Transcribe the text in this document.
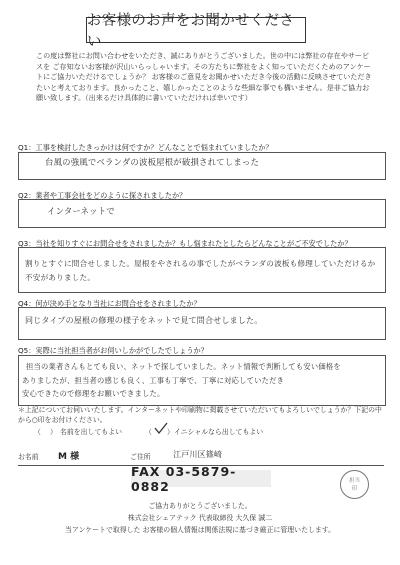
お客様のお声をお聞かせください
この度は弊社にお問い合わせをいただき、誠にありがとうございました。世の中には弊社の存在やサービスを ご存知ないお客様が沢山いらっしゃいます。その方たちに弊社をよく知っていただくためのアンケートにご協力いただけるでしょうか？ お客様のご意見をお聞かせいただき今後の活動に反映させていただきたいと考えております。良かったこと、嬉しかったことのような些細な事でも構いません。是非ご協力お願い致します。（出来るだけ具体的に書いていただければ幸いです）
Q1：工事を検討したきっかけは何ですか？どんなことで悩まれていましたか？
台風の強風でベランダの波板屋根が破損されてしまった
Q2：業者や工事会社をどのように探されましたか？
インターネットで
Q3：当社を知りすぐにお問合せをされましたか？もし悩まれたとしたらどんなことがご不安でしたか？
割りとすぐに問合せしました。屋根をやされるの事でしたがベランダの波板も修理していただけるか不安がありました。
Q4：何が決め手となり当社にお問合せをされましたか？
同じタイプの屋根の修理の様子をネットで見て問合せしました。
Q5：実際に当社担当者がお伺いしかがでしたでしょうか？
担当の業者さんもとても良い、ネットで探していました。ネット情報で判断しても安い価格を
ありましたが、担当者の感じも良く、工事も丁寧で、丁寧に対応していただき
安心できたので修理をお願いできました。
＊上記についてお伺いいたします。インターネットや印刷物に掲載させていただいてもよろしいでしょうか？下記の中から○印をお付けください。
（ ） 名前を出してもよい	（ ） イニシャルなら出してもよい
お名前 M 様	ご住所	江戸川区篠崎
FAX 03-5879-0882	担当
印
ご協力ありがとうございました。
株式会社シェアテック 代表取締役 大久保 誠二
当アンケートで取得した お客様の個人情報は関係法規に基づき厳正に管理いたします。
